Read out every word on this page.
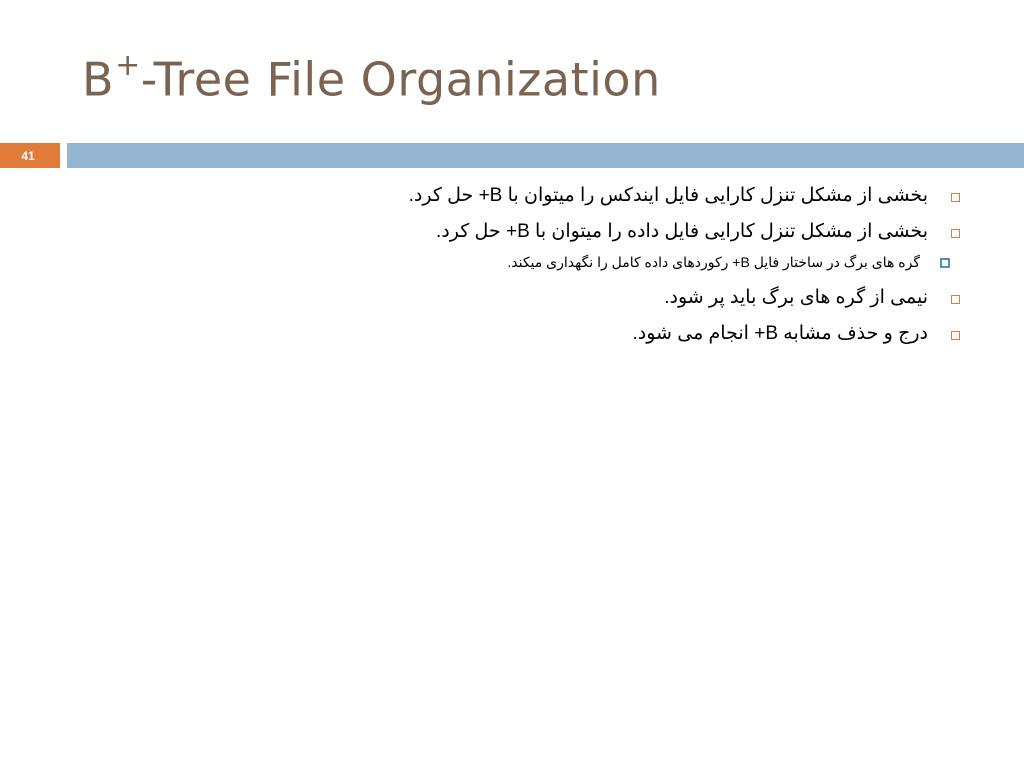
B+-Tree File Organization
41
بخشی از مشکل تنزل کارایی فایل ایندکس را میتوان با B+ حل کرد.
بخشی از مشکل تنزل کارایی فایل داده را میتوان با B+ حل کرد.
گره های برگ در ساختار فایل B+ رکوردهای داده کامل را نگهداری میکند.
نیمی از گره های برگ باید پر شود.
درج و حذف مشابه B+ انجام می شود.
